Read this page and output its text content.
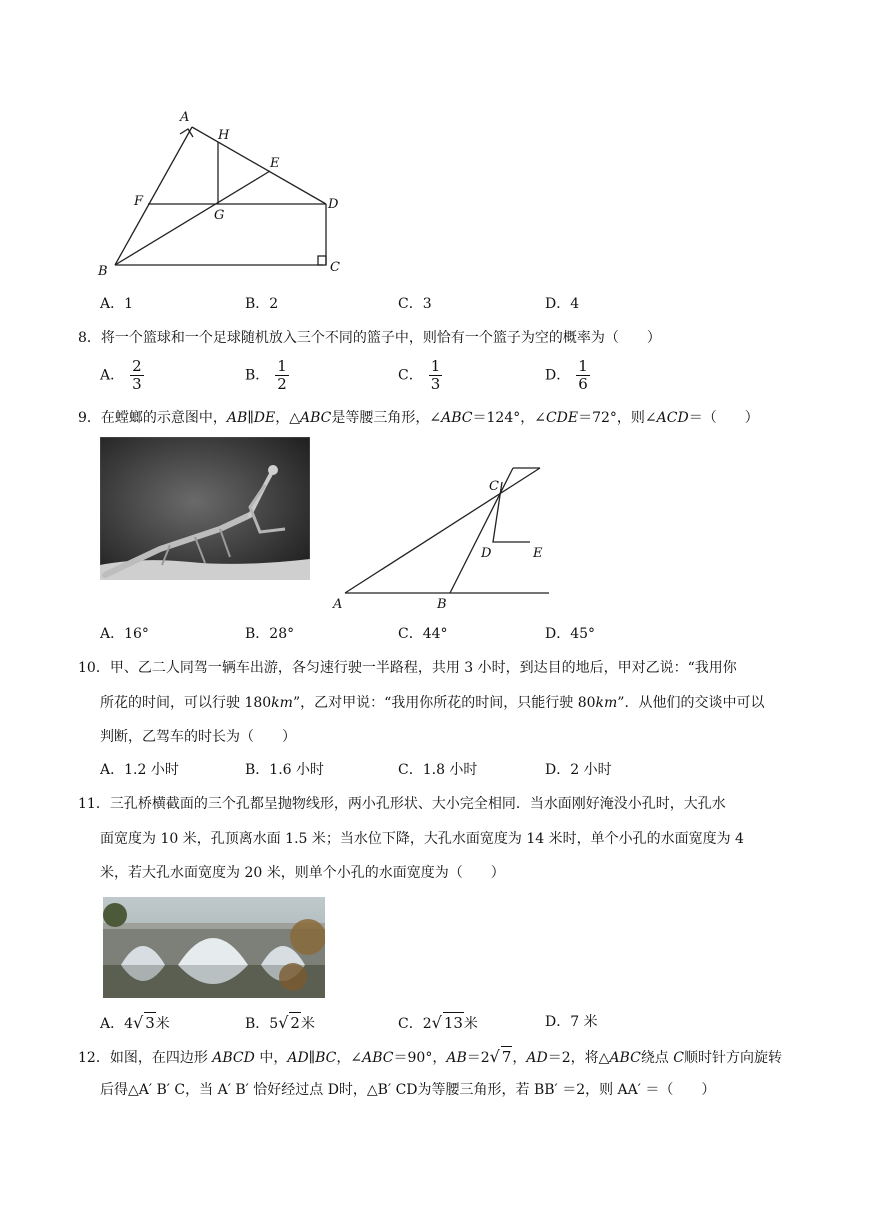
A
H
E
F
G
D
B	C
A．1	B．2	C．3	D．4
8．将一个篮球和一个足球随机放入三个不同的篮子中，则恰有一个篮子为空的概率为（　　）
A． $\frac{2}{3}$	B． $\frac{1}{2}$	C． $\frac{1}{3}$	D． $\frac{1}{6}$
9．在螳螂的示意图中，AB∥DE，△ABC是等腰三角形，∠ABC＝124°，∠CDE＝72°，则∠ACD＝（　　）
A	B
C
D	E
A．16°	B．28°	C．44°	D．45°
10．甲、乙二人同驾一辆车出游，各匀速行驶一半路程，共用 3 小时，到达目的地后，甲对乙说：“我用你
所花的时间，可以行驶 180km”，乙对甲说：“我用你所花的时间，只能行驶 80km”．从他们的交谈中可以
判断，乙驾车的时长为（　　）
A．1.2 小时	B．1.6 小时	C．1.8 小时	D．2 小时
11．三孔桥横截面的三个孔都呈抛物线形，两小孔形状、大小完全相同．当水面刚好淹没小孔时，大孔水
面宽度为 10 米，孔顶离水面 1.5 米；当水位下降，大孔水面宽度为 14 米时，单个小孔的水面宽度为 4
米，若大孔水面宽度为 20 米，则单个小孔的水面宽度为（　　）
A．4√ 3米	B．5√ 2米	C．2√ 13米	D．7 米
12．如图，在四边形 ABCD 中，AD∥BC，∠ABC＝90°，AB＝2√ 7，AD＝2，将△ABC绕点 C顺时针方向旋转
后得△A′ B′ C，当 A′ B′ 恰好经过点 D时，△B′ CD为等腰三角形，若 BB′ ＝2，则 AA′ ＝（　　）
